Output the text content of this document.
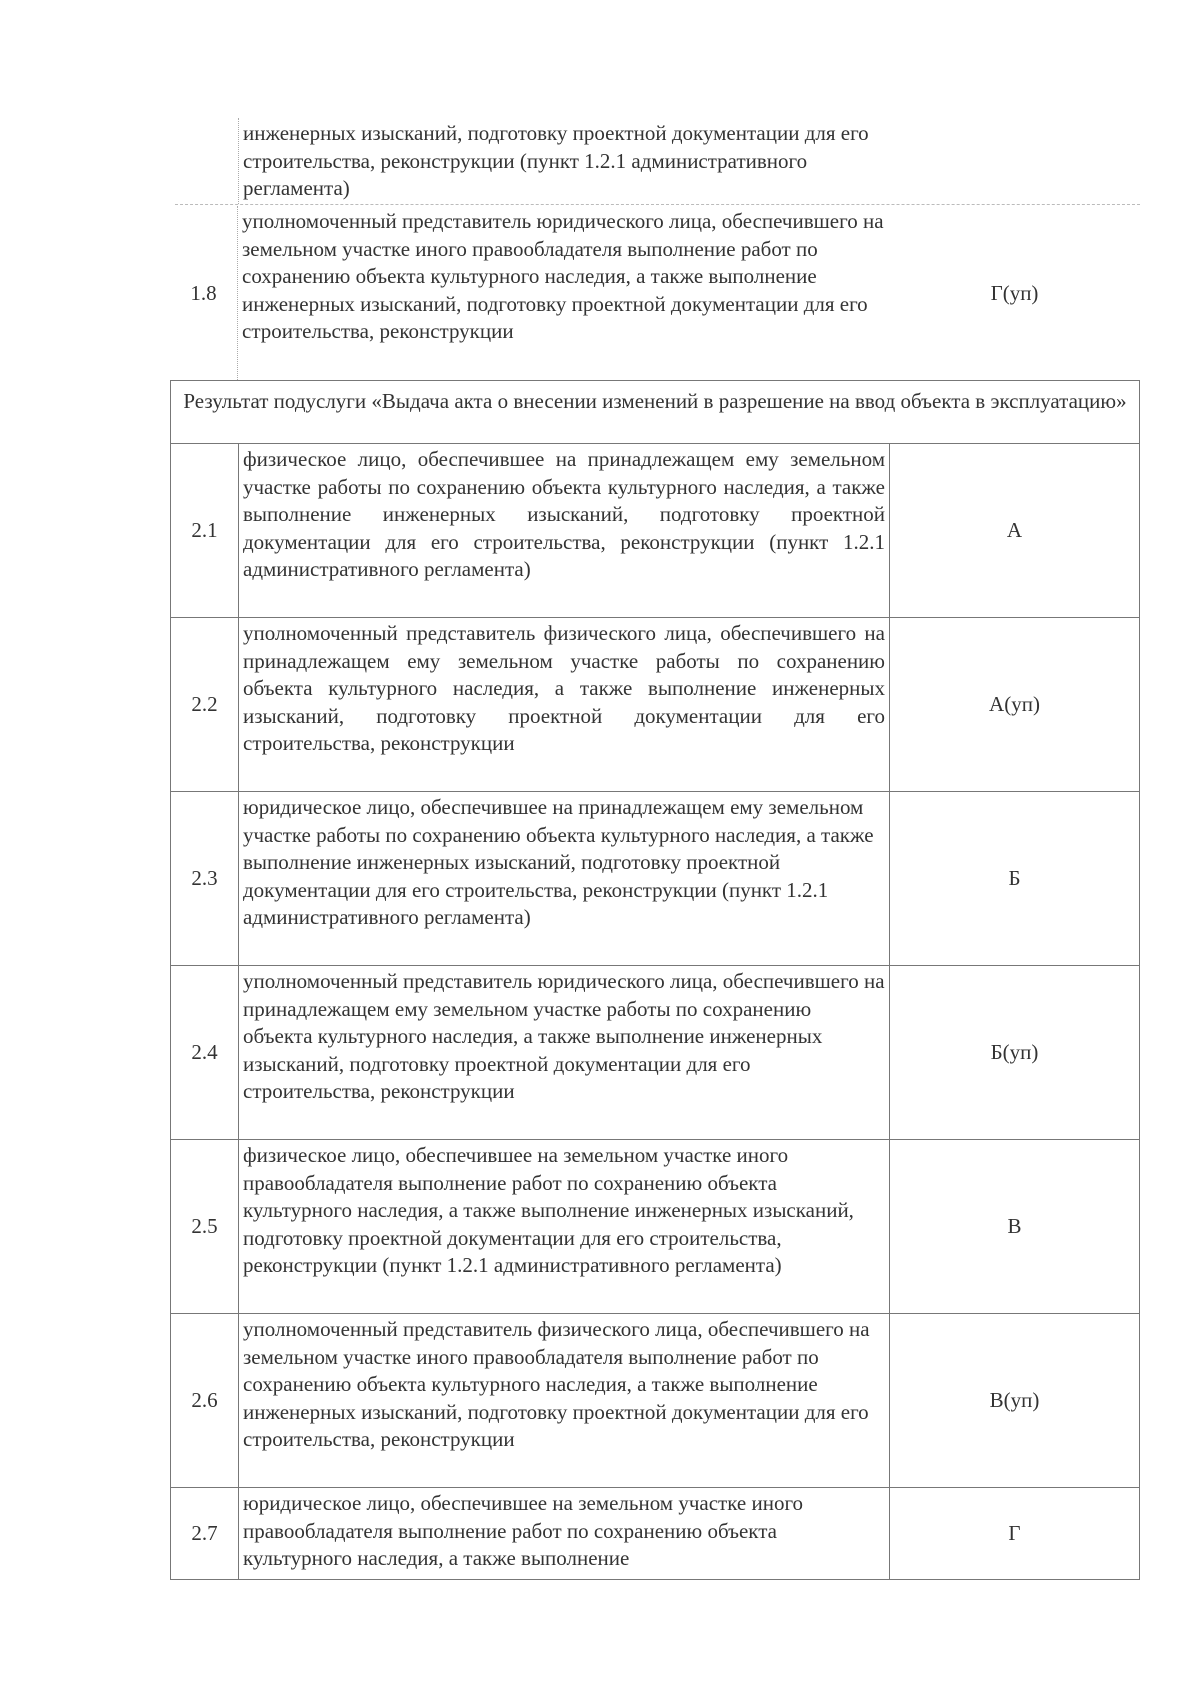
инженерных изысканий, подготовку проектной документации для его строительства, реконструкции (пункт 1.2.1 административного регламента)
1.8
уполномоченный представитель юридического лица, обеспечившего на земельном участке иного правообладателя выполнение работ по сохранению объекта культурного наследия, а также выполнение инженерных изысканий, подготовку проектной документации для его строительства, реконструкции
Г(уп)
Результат подуслуги «Выдача акта о внесении изменений в разрешение на ввод объекта в эксплуатацию»
2.1
физическое лицо, обеспечившее на принадлежащем ему земельном участке работы по сохранению объекта культурного наследия, а также выполнение инженерных изысканий, подготовку проектной документации для его строительства, реконструкции (пункт 1.2.1 административного регламента)
А
2.2
уполномоченный представитель физического лица, обеспечившего на принадлежащем ему земельном участке работы по сохранению объекта культурного наследия, а также выполнение инженерных изысканий, подготовку проектной документации для его строительства, реконструкции
А(уп)
2.3
юридическое лицо, обеспечившее на принадлежащем ему земельном участке работы по сохранению объекта культурного наследия, а также выполнение инженерных изысканий, подготовку проектной документации для его строительства, реконструкции (пункт 1.2.1 административного регламента)
Б
2.4
уполномоченный представитель юридического лица, обеспечившего на принадлежащем ему земельном участке работы по сохранению объекта культурного наследия, а также выполнение инженерных изысканий, подготовку проектной документации для его строительства, реконструкции
Б(уп)
2.5
физическое лицо, обеспечившее на земельном участке иного правообладателя выполнение работ по сохранению объекта культурного наследия, а также выполнение инженерных изысканий, подготовку проектной документации для его строительства, реконструкции (пункт 1.2.1 административного регламента)
В
2.6
уполномоченный представитель физического лица, обеспечившего на земельном участке иного правообладателя выполнение работ по сохранению объекта культурного наследия, а также выполнение инженерных изысканий, подготовку проектной документации для его строительства, реконструкции
В(уп)
2.7
юридическое лицо, обеспечившее на земельном участке иного правообладателя выполнение работ по сохранению объекта культурного наследия, а также выполнение
Г
